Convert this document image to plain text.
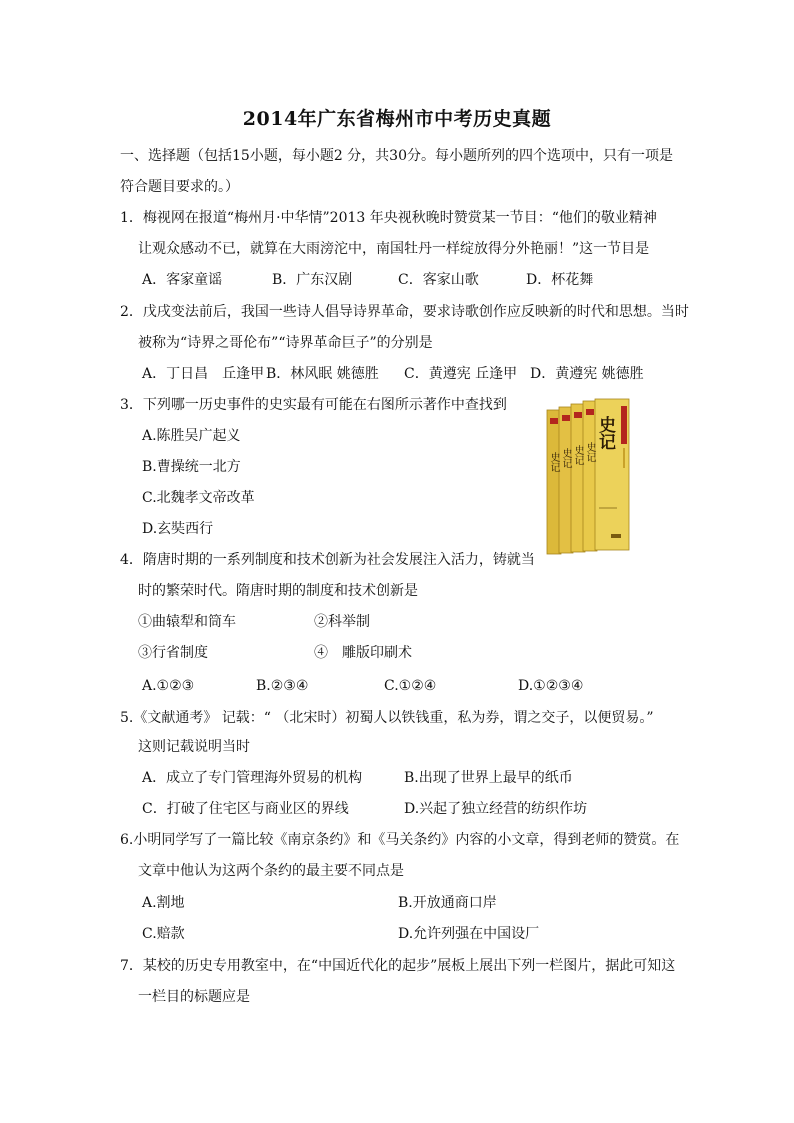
2014年广东省梅州市中考历史真题
一、选择题（包括15小题，每小题2 分，共30分。每小题所列的四个选项中，只有一项是
符合题目要求的。）
1．梅视网在报道“梅州月·中华情”2013 年央视秋晚时赞赏某一节目：“他们的敬业精神
让观众感动不已，就算在大雨滂沱中，南国牡丹一样绽放得分外艳丽！”这一节目是
A．客家童谣	B．广东汉剧	C．客家山歌	D．杯花舞
2．戊戌变法前后，我国一些诗人倡导诗界革命，要求诗歌创作应反映新的时代和思想。当时
被称为“诗界之哥伦布”“诗界革命巨子”的分别是
A．丁日昌　丘逢甲 B．林风眠 姚德胜 C．黄遵宪 丘逢甲 D．黄遵宪 姚德胜
3．下列哪一历史事件的史实最有可能在右图所示著作中查找到
A.陈胜吴广起义
B.曹操统一北方
C.北魏孝文帝改革
D.玄奘西行
史记
史记 史记 史记 史记
4．隋唐时期的一系列制度和技术创新为社会发展注入活力，铸就当
时的繁荣时代。隋唐时期的制度和技术创新是
①曲辕犁和筒车	②科举制
③行省制度	④　雕版印刷术
A.①②③	B.②③④	C.①②④	D.①②③④
5.《文献通考》 记载：“ （北宋时）初蜀人以铁钱重，私为券，谓之交子，以便贸易。”
这则记载说明当时
A．成立了专门管理海外贸易的机构	B.出现了世界上最早的纸币
C．打破了住宅区与商业区的界线	D.兴起了独立经营的纺织作坊
6.小明同学写了一篇比较《南京条约》和《马关条约》内容的小文章，得到老师的赞赏。在
文章中他认为这两个条约的最主要不同点是
A.割地	B.开放通商口岸
C.赔款	D.允许列强在中国设厂
7．某校的历史专用教室中，在“中国近代化的起步”展板上展出下列一栏图片，据此可知这
一栏目的标题应是
